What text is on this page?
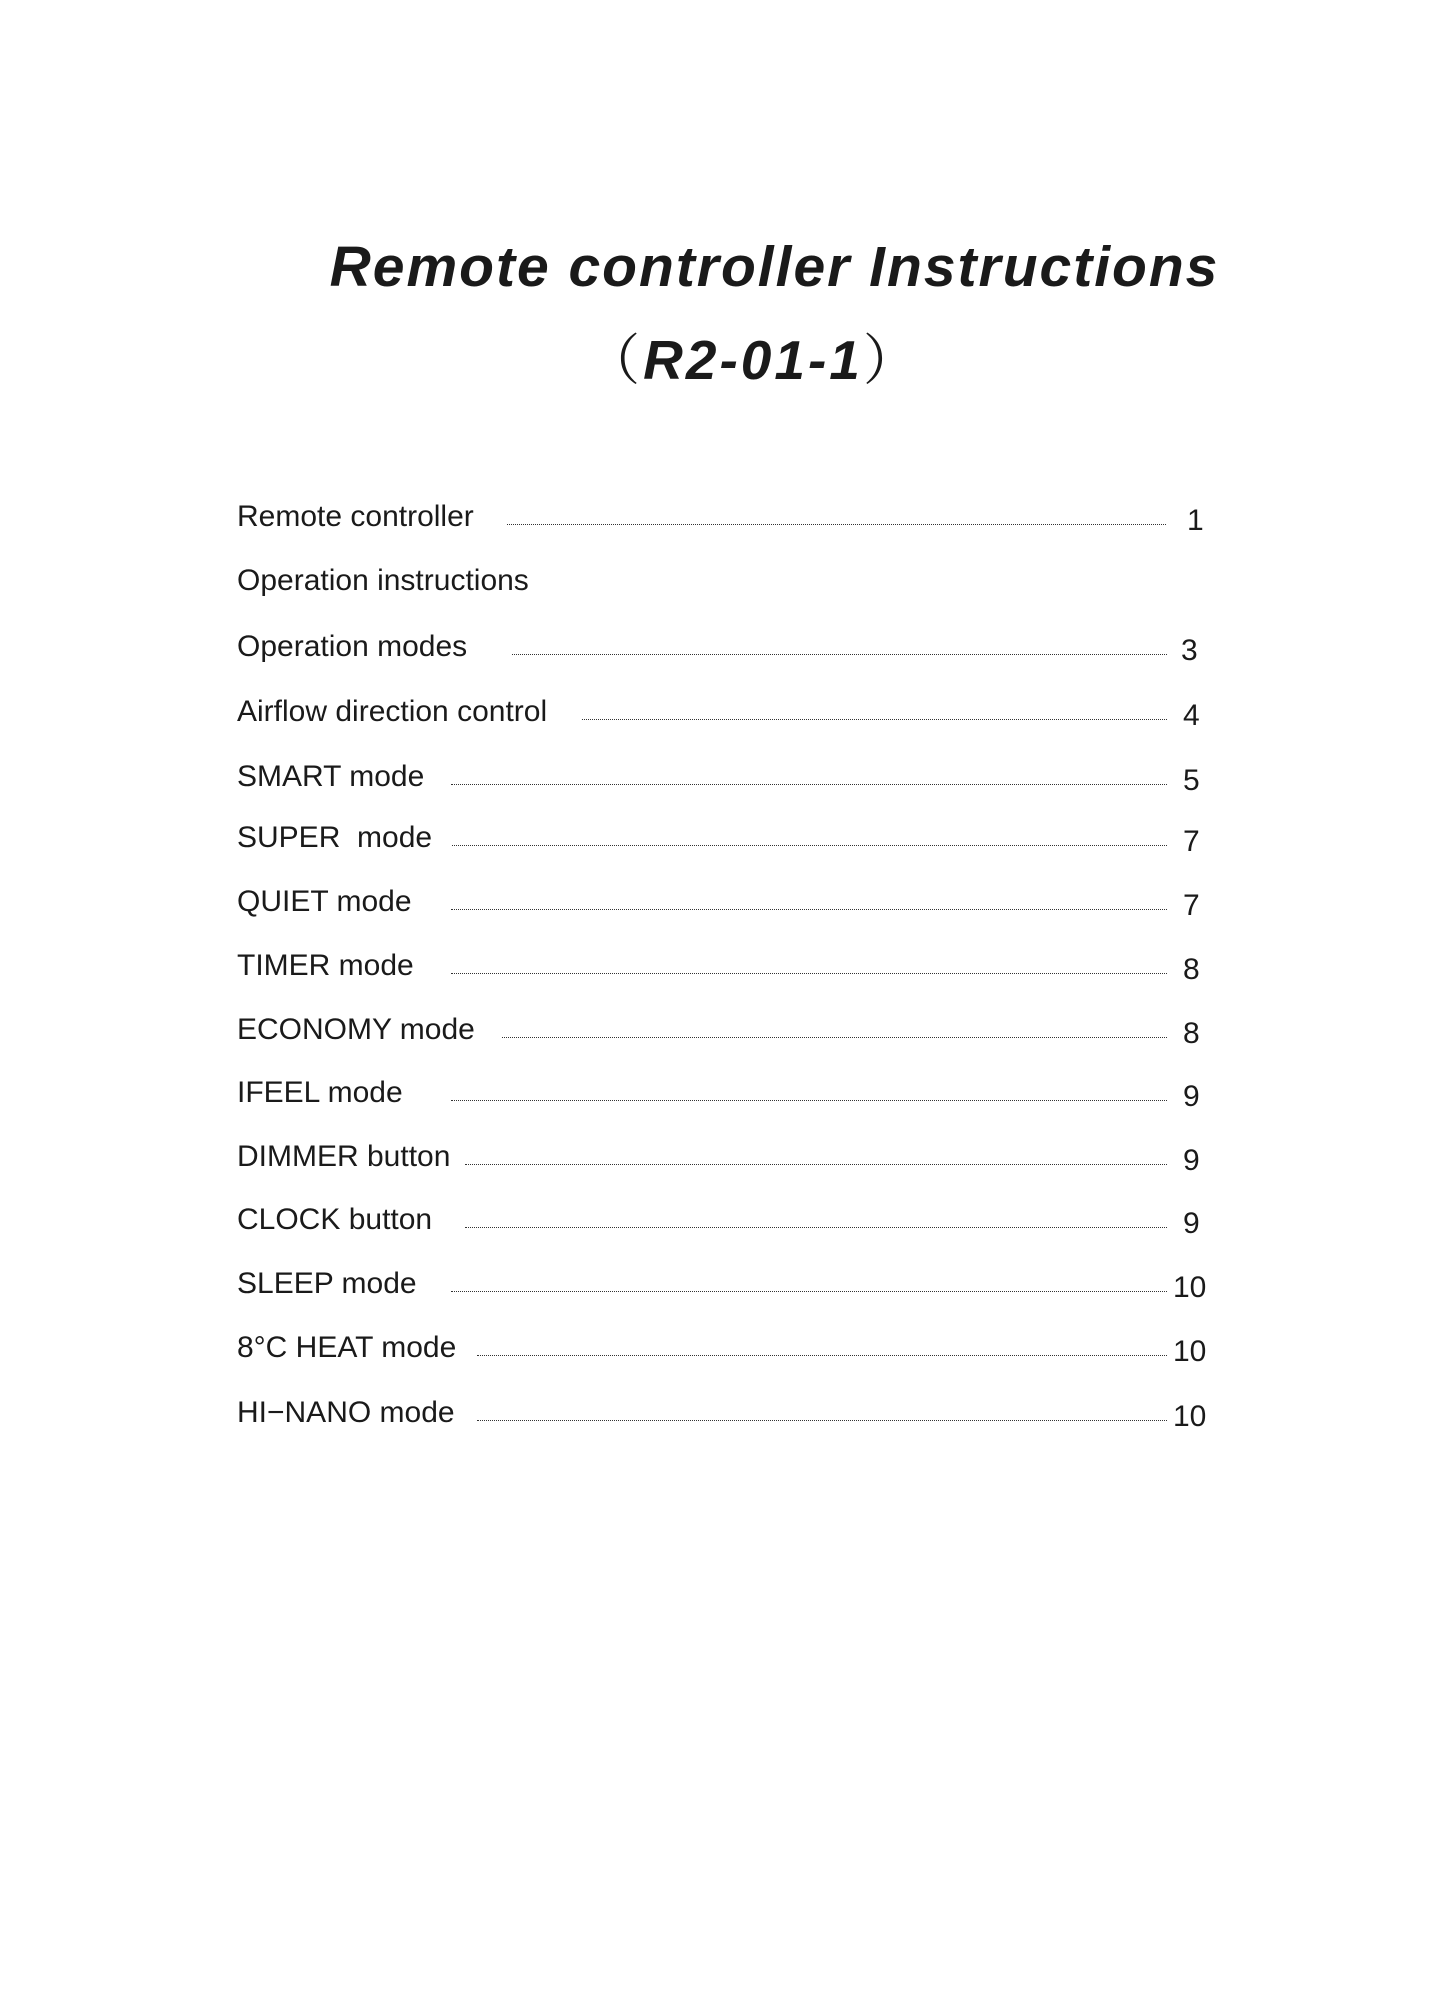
Remote controller Instructions
（R2-01-1）
Remote controller	1
Operation instructions
Operation modes	3
Airflow direction control	4
SMART mode	5
SUPER  mode	7
QUIET mode	7
TIMER mode	8
ECONOMY mode	8
IFEEL mode	9
DIMMER button	9
CLOCK button	9
SLEEP mode	10
8°C HEAT mode	10
HI−NANO mode	10
